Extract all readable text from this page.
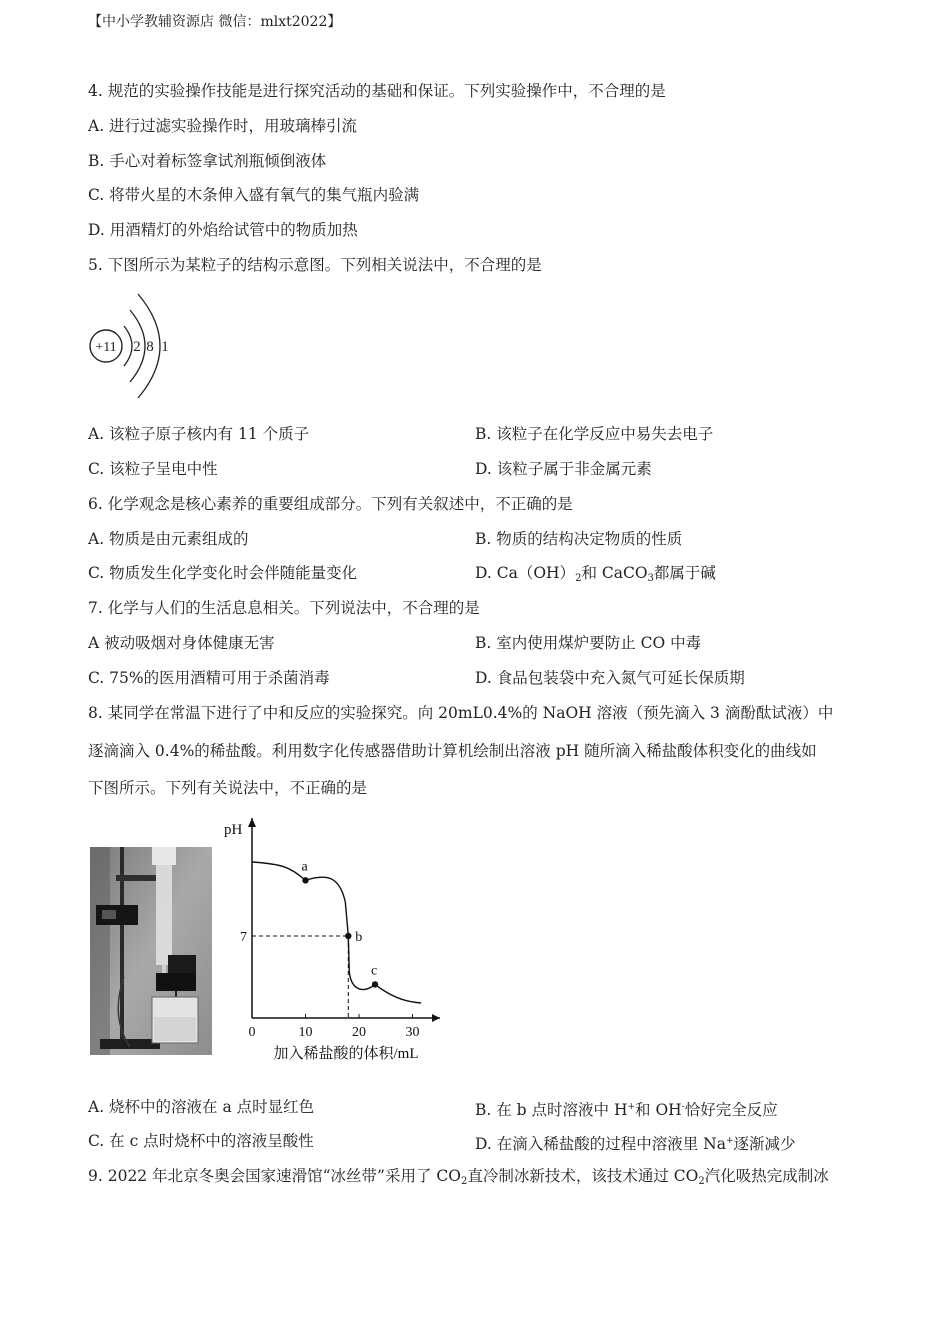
【中小学教辅资源店 微信：mlxt2022】
4. 规范的实验操作技能是进行探究活动的基础和保证。下列实验操作中，不合理的是
A. 进行过滤实验操作时，用玻璃棒引流
B. 手心对着标签拿试剂瓶倾倒液体
C. 将带火星的木条伸入盛有氧气的集气瓶内验满
D. 用酒精灯的外焰给试管中的物质加热
5. 下图所示为某粒子的结构示意图。下列相关说法中，不合理的是
+11 2 8 1
A. 该粒子原子核内有 11 个质子	B. 该粒子在化学反应中易失去电子
C. 该粒子呈电中性	D. 该粒子属于非金属元素
6. 化学观念是核心素养的重要组成部分。下列有关叙述中，不正确的是
A. 物质是由元素组成的	B. 物质的结构决定物质的性质
C. 物质发生化学变化时会伴随能量变化	D. $Ca(OH)_2$和 CaCO$_3$都属于碱
7. 化学与人们的生活息息相关。下列说法中，不合理的是
A 被动吸烟对身体健康无害	B. 室内使用煤炉要防止 CO 中毒
C. 75%的医用酒精可用于杀菌消毒	D. 食品包装袋中充入氮气可延长保质期
8. 某同学在常温下进行了中和反应的实验探究。向 20mL0.4%的 NaOH 溶液（预先滴入 3 滴酚酞试液）中
逐滴滴入 0.4%的稀盐酸。利用数字化传感器借助计算机绘制出溶液 pH 随所滴入稀盐酸体积变化的曲线如
下图所示。下列有关说法中，不正确的是
pH
0	10	20	30
7
加入稀盐酸的体积/mL
a
b
c
A. 烧杯中的溶液在 a 点时显红色	B. 在 b 点时溶液中 H+和 OH-恰好完全反应
C. 在 c 点时烧杯中的溶液呈酸性	D. 在滴入稀盐酸的过程中溶液里 Na+逐渐减少
9. 2022 年北京冬奥会国家速滑馆“冰丝带”采用了 $CO_2$直冷制冰新技术，该技术通过 $CO_2$汽化吸热完成制冰
